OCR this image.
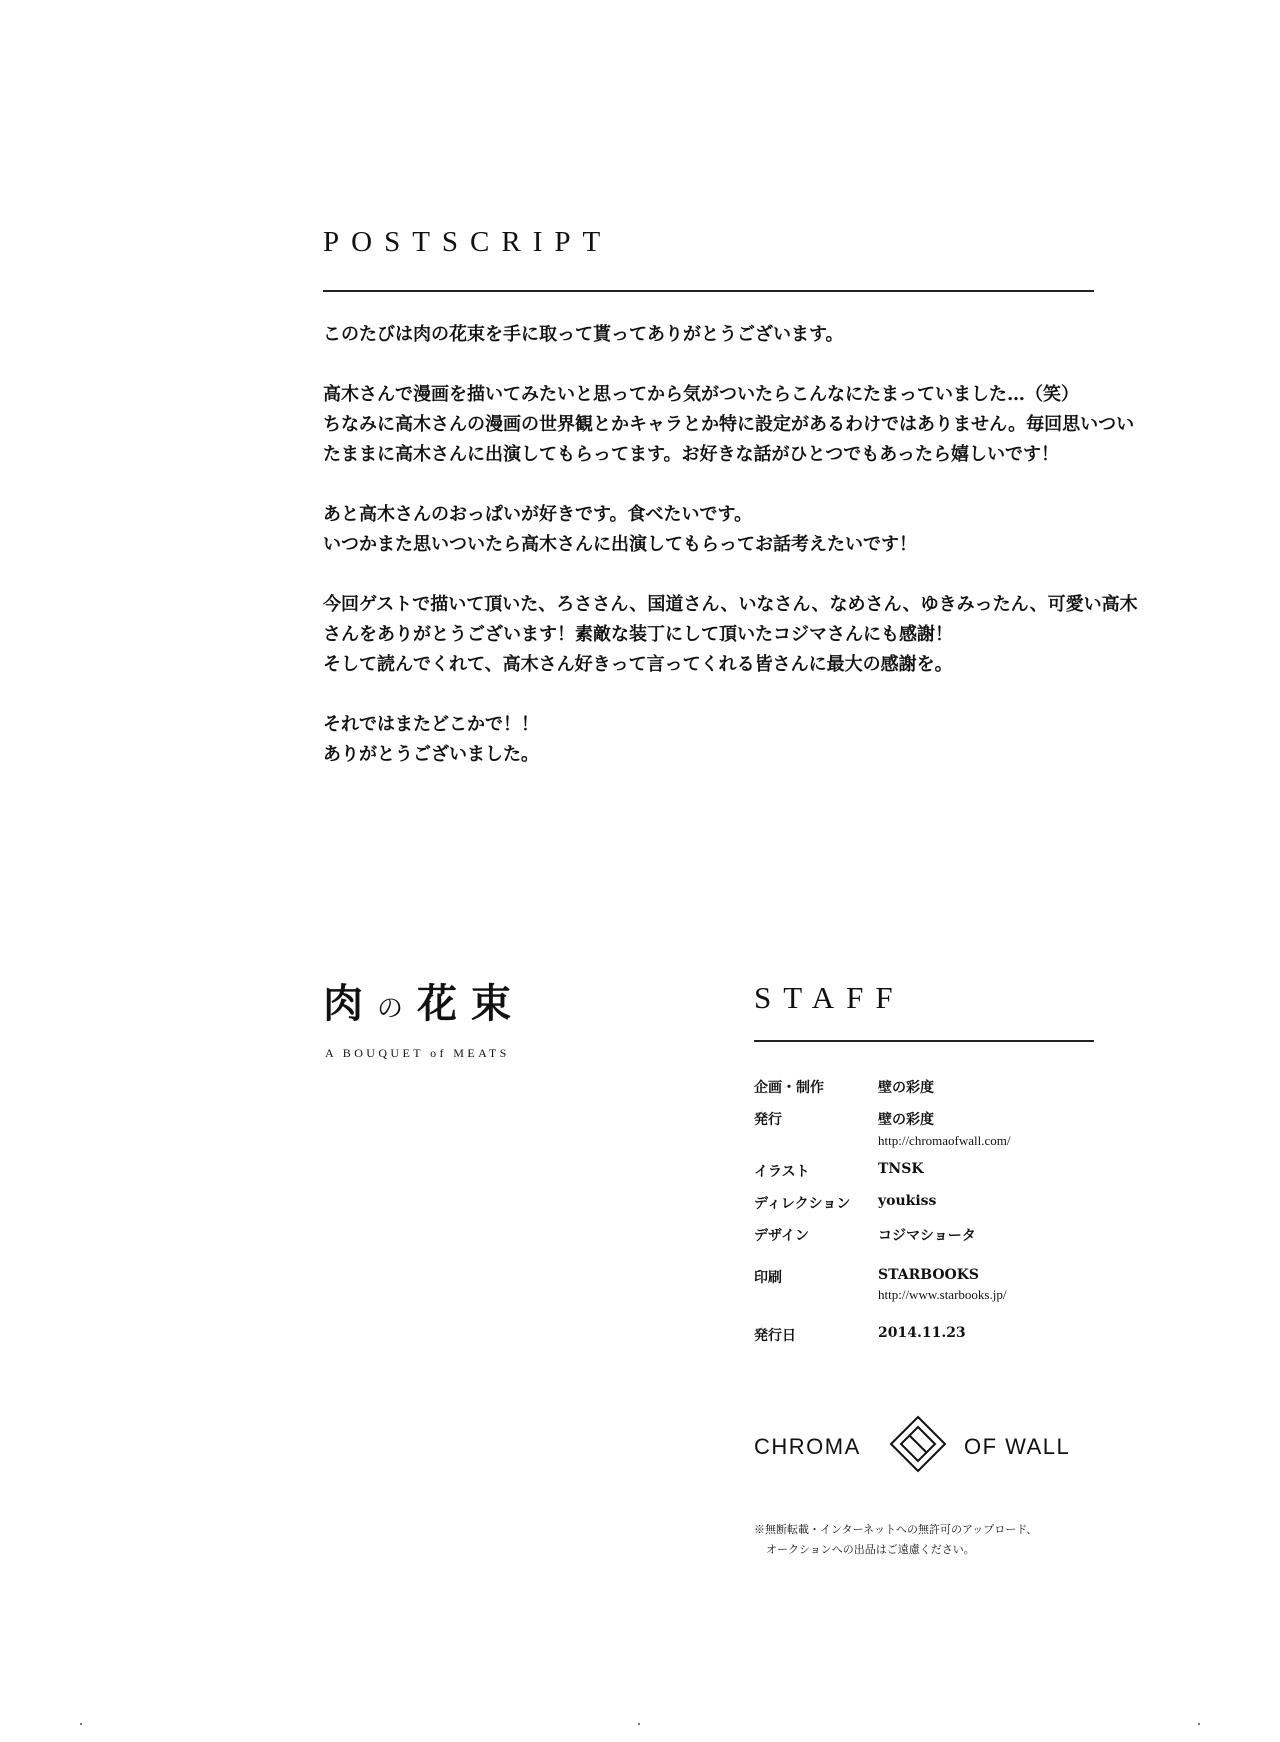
POSTSCRIPT

このたびは肉の花束を手に取って貰ってありがとうございます。

高木さんで漫画を描いてみたいと思ってから気がついたらこんなにたまっていました…（笑）
ちなみに高木さんの漫画の世界観とかキャラとか特に設定があるわけではありません。毎回思いつい
たままに高木さんに出演してもらってます。お好きな話がひとつでもあったら嬉しいです！

あと高木さんのおっぱいが好きです。食べたいです。
いつかまた思いついたら高木さんに出演してもらってお話考えたいです！

今回ゲストで描いて頂いた、ろささん、国道さん、いなさん、なめさん、ゆきみったん、可愛い高木
さんをありがとうございます！素敵な装丁にして頂いたコジマさんにも感謝！
そして読んでくれて、高木さん好きって言ってくれる皆さんに最大の感謝を。

それではまたどこかで！！
ありがとうございました。

肉の花束
A BOUQUET of MEATS
STAFF
企画・制作	壁の彩度
発行	壁の彩度
http://chromaofwall.com/
イラスト	TNSK
ディレクション	youkiss
デザイン	コジマショータ
印刷	STARBOOKS
http://www.starbooks.jp/
発行日	2014.11.23
CHROMA	OF WALL
※無断転載・インターネットへの無許可のアップロード、
オークションへの出品はご遠慮ください。
